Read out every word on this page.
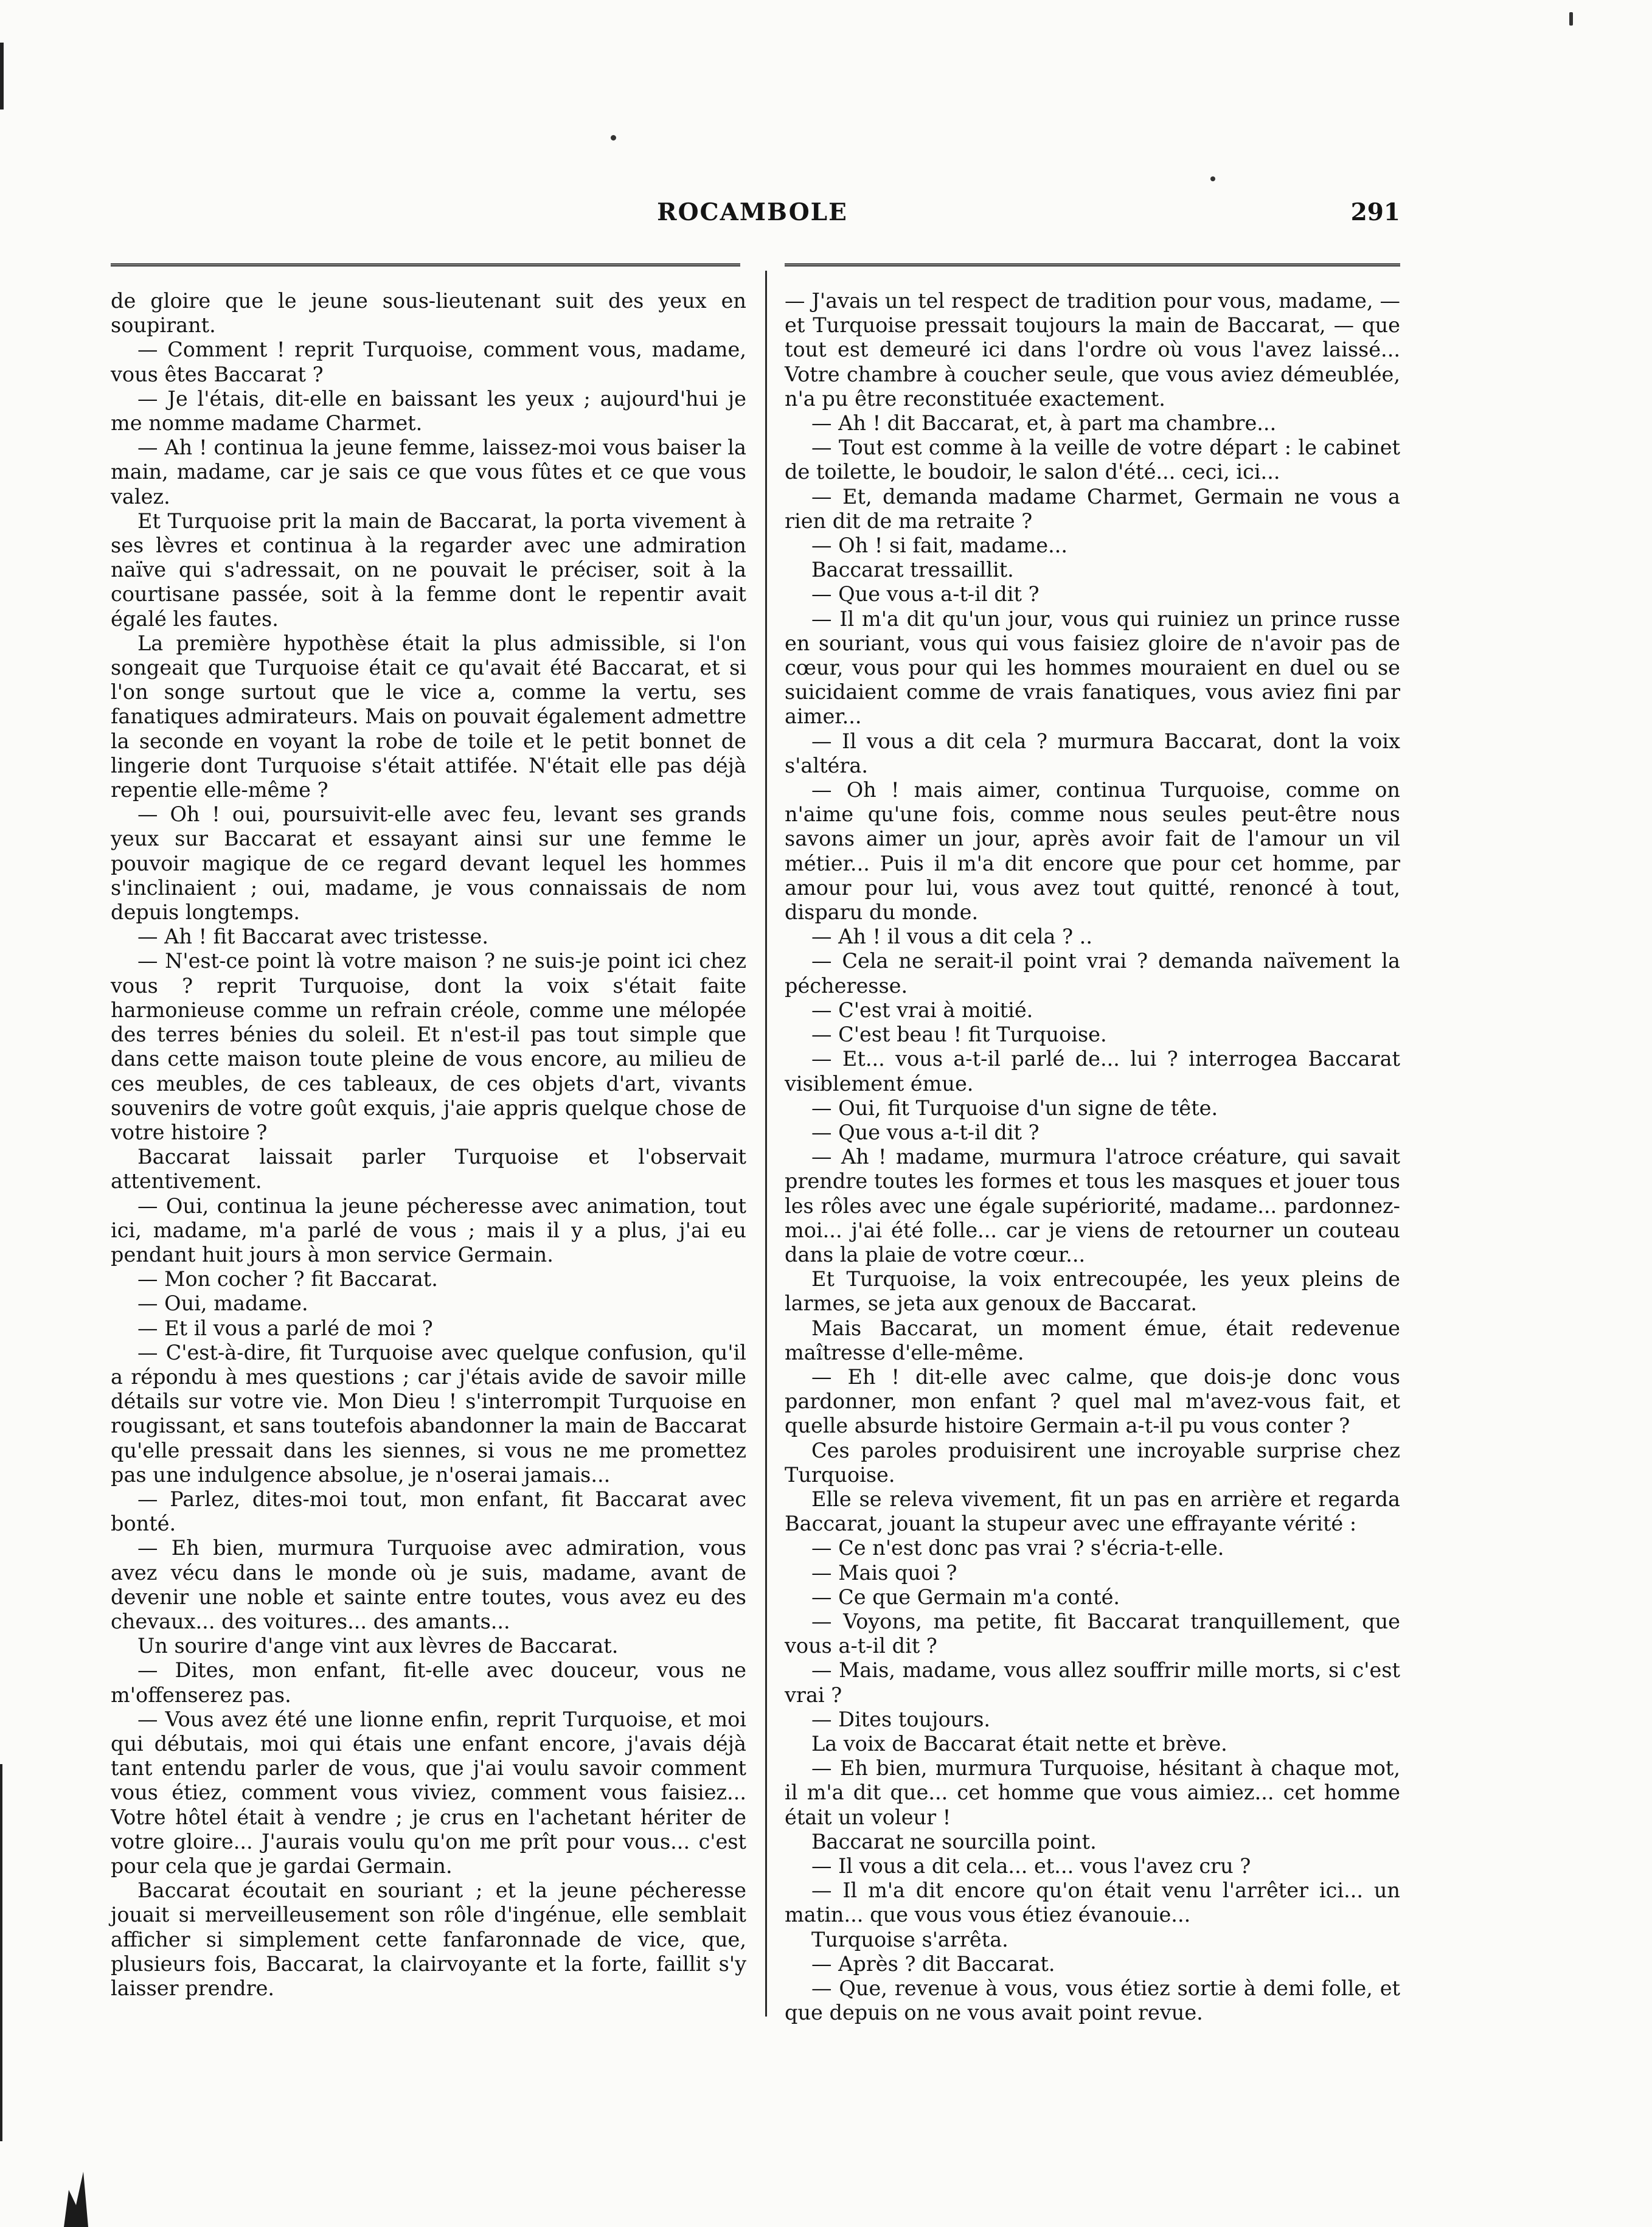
ROCAMBOLE	291

de gloire que le jeune sous-lieutenant suit des yeux en soupirant.

— Comment ! reprit Turquoise, comment vous, madame, vous êtes Baccarat ?

— Je l'étais, dit-elle en baissant les yeux ; aujourd'hui je me nomme madame Charmet.

— Ah ! continua la jeune femme, laissez-moi vous baiser la main, madame, car je sais ce que vous fûtes et ce que vous valez.

Et Turquoise prit la main de Baccarat, la porta vivement à ses lèvres et continua à la regarder avec une admiration naïve qui s'adressait, on ne pouvait le préciser, soit à la courtisane passée, soit à la femme dont le repentir avait égalé les fautes.

La première hypothèse était la plus admissible, si l'on songeait que Turquoise était ce qu'avait été Baccarat, et si l'on songe surtout que le vice a, comme la vertu, ses fanatiques admirateurs. Mais on pouvait également admettre la seconde en voyant la robe de toile et le petit bonnet de lingerie dont Turquoise s'était attifée. N'était elle pas déjà repentie elle-même ?

— Oh ! oui, poursuivit-elle avec feu, levant ses grands yeux sur Baccarat et essayant ainsi sur une femme le pouvoir magique de ce regard devant lequel les hommes s'inclinaient ; oui, madame, je vous connaissais de nom depuis longtemps.

— Ah ! fit Baccarat avec tristesse.

— N'est-ce point là votre maison ? ne suis-je point ici chez vous ? reprit Turquoise, dont la voix s'était faite harmonieuse comme un refrain créole, comme une mélopée des terres bénies du soleil. Et n'est-il pas tout simple que dans cette maison toute pleine de vous encore, au milieu de ces meubles, de ces tableaux, de ces objets d'art, vivants souvenirs de votre goût exquis, j'aie appris quelque chose de votre histoire ?

Baccarat laissait parler Turquoise et l'observait attentivement.

— Oui, continua la jeune pécheresse avec animation, tout ici, madame, m'a parlé de vous ; mais il y a plus, j'ai eu pendant huit jours à mon service Germain.

— Mon cocher ? fit Baccarat.

— Oui, madame.

— Et il vous a parlé de moi ?

— C'est-à-dire, fit Turquoise avec quelque confusion, qu'il a répondu à mes questions ; car j'étais avide de savoir mille détails sur votre vie. Mon Dieu ! s'interrompit Turquoise en rougissant, et sans toutefois abandonner la main de Baccarat qu'elle pressait dans les siennes, si vous ne me promettez pas une indulgence absolue, je n'oserai jamais...

— Parlez, dites-moi tout, mon enfant, fit Baccarat avec bonté.

— Eh bien, murmura Turquoise avec admiration, vous avez vécu dans le monde où je suis, madame, avant de devenir une noble et sainte entre toutes, vous avez eu des chevaux... des voitures... des amants...

Un sourire d'ange vint aux lèvres de Baccarat.

— Dites, mon enfant, fit-elle avec douceur, vous ne m'offenserez pas.

— Vous avez été une lionne enfin, reprit Turquoise, et moi qui débutais, moi qui étais une enfant encore, j'avais déjà tant entendu parler de vous, que j'ai voulu savoir comment vous étiez, comment vous viviez, comment vous faisiez... Votre hôtel était à vendre ; je crus en l'achetant hériter de votre gloire... J'aurais voulu qu'on me prît pour vous... c'est pour cela que je gardai Germain.

Baccarat écoutait en souriant ; et la jeune pécheresse jouait si merveilleusement son rôle d'ingénue, elle semblait afficher si simplement cette fanfaronnade de vice, que, plusieurs fois, Baccarat, la clairvoyante et la forte, faillit s'y laisser prendre.

— J'avais un tel respect de tradition pour vous, madame, — et Turquoise pressait toujours la main de Baccarat, — que tout est demeuré ici dans l'ordre où vous l'avez laissé... Votre chambre à coucher seule, que vous aviez démeublée, n'a pu être reconstituée exactement.

— Ah ! dit Baccarat, et, à part ma chambre...

— Tout est comme à la veille de votre départ : le cabinet de toilette, le boudoir, le salon d'été... ceci, ici...

— Et, demanda madame Charmet, Germain ne vous a rien dit de ma retraite ?

— Oh ! si fait, madame...

Baccarat tressaillit.

— Que vous a-t-il dit ?

— Il m'a dit qu'un jour, vous qui ruiniez un prince russe en souriant, vous qui vous faisiez gloire de n'avoir pas de cœur, vous pour qui les hommes mouraient en duel ou se suicidaient comme de vrais fanatiques, vous aviez fini par aimer...

— Il vous a dit cela ? murmura Baccarat, dont la voix s'altéra.

— Oh ! mais aimer, continua Turquoise, comme on n'aime qu'une fois, comme nous seules peut-être nous savons aimer un jour, après avoir fait de l'amour un vil métier... Puis il m'a dit encore que pour cet homme, par amour pour lui, vous avez tout quitté, renoncé à tout, disparu du monde.

— Ah ! il vous a dit cela ? ..

— Cela ne serait-il point vrai ? demanda naïvement la pécheresse.

— C'est vrai à moitié.

— C'est beau ! fit Turquoise.

— Et... vous a-t-il parlé de... lui ? interrogea Baccarat visiblement émue.

— Oui, fit Turquoise d'un signe de tête.

— Que vous a-t-il dit ?

— Ah ! madame, murmura l'atroce créature, qui savait prendre toutes les formes et tous les masques et jouer tous les rôles avec une égale supériorité, madame... pardonnez-moi... j'ai été folle... car je viens de retourner un couteau dans la plaie de votre cœur...

Et Turquoise, la voix entrecoupée, les yeux pleins de larmes, se jeta aux genoux de Baccarat.

Mais Baccarat, un moment émue, était redevenue maîtresse d'elle-même.

— Eh ! dit-elle avec calme, que dois-je donc vous pardonner, mon enfant ? quel mal m'avez-vous fait, et quelle absurde histoire Germain a-t-il pu vous conter ?

Ces paroles produisirent une incroyable surprise chez Turquoise.

Elle se releva vivement, fit un pas en arrière et regarda Baccarat, jouant la stupeur avec une effrayante vérité :

— Ce n'est donc pas vrai ? s'écria-t-elle.

— Mais quoi ?

— Ce que Germain m'a conté.

— Voyons, ma petite, fit Baccarat tranquillement, que vous a-t-il dit ?

— Mais, madame, vous allez souffrir mille morts, si c'est vrai ?

— Dites toujours.

La voix de Baccarat était nette et brève.

— Eh bien, murmura Turquoise, hésitant à chaque mot, il m'a dit que... cet homme que vous aimiez... cet homme était un voleur !

Baccarat ne sourcilla point.

— Il vous a dit cela... et... vous l'avez cru ?

— Il m'a dit encore qu'on était venu l'arrêter ici... un matin... que vous vous étiez évanouie...

Turquoise s'arrêta.

— Après ? dit Baccarat.

— Que, revenue à vous, vous étiez sortie à demi folle, et que depuis on ne vous avait point revue.
